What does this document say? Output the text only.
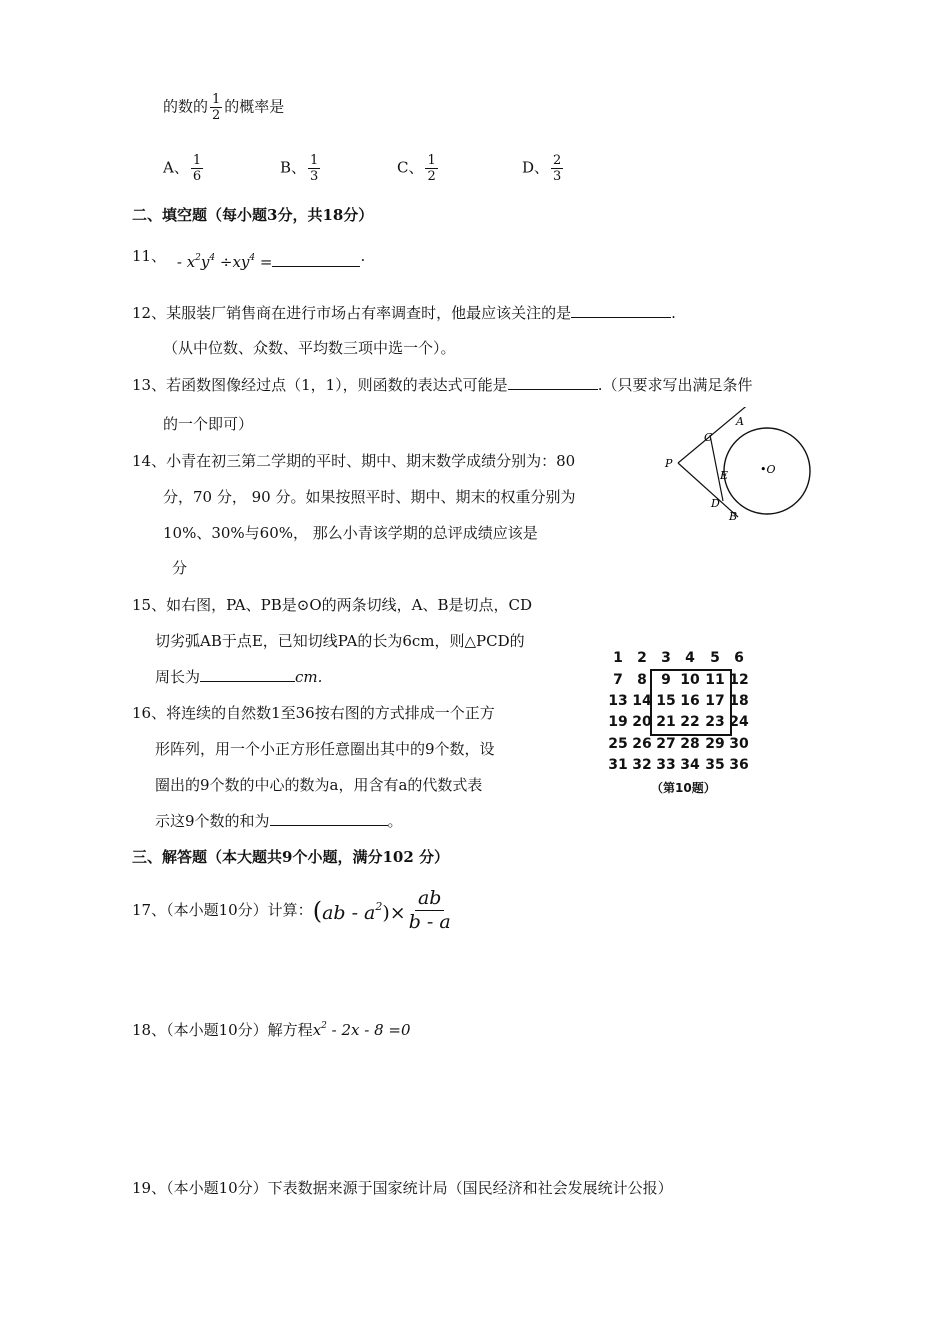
的数的 $\frac{1}{2}$ 的概率是
A、 $\frac{1}{6}$	B、 $\frac{1}{3}$	C、 $\frac{1}{2}$	D、 $\frac{2}{3}$
二、填空题（每小题3分，共18分）
11、 - $x^2y^4 \div xy^4$ =	.
12、某服装厂销售商在进行市场占有率调查时，他最应该关注的是	.
（从中位数、众数、平均数三项中选一个）。
13、若函数图像经过点（1，1），则函数的表达式可能是	.（只要求写出满足条件
的一个即可）	A
C
P
E	•O
D
B
14、小青在初三第二学期的平时、期中、期末数学成绩分别为：80
分，70 分， 90 分。如果按照平时、期中、期末的权重分别为
10%、30%与60%， 那么小青该学期的总评成绩应该是
分
15、如右图，PA、PB是⊙O的两条切线，A、B是切点，CD
切劣弧AB于点E，已知切线PA的长为6cm，则△PCD的
周长为	cm.
1	2	3	4	5	6
7	8	9 10 11 12
13 14 15 16 17 18
19 20 21 22 23 24
25 26 27 28 29 30
31 32 33 34 35 36
（第10题）
16、将连续的自然数1至36按右图的方式排成一个正方
形阵列，用一个小正方形任意圈出其中的9个数，设
圈出的9个数的中心的数为a，用含有a的代数式表
示这9个数的和为	。
三、解答题（本大题共9个小题，满分102 分）
17、（本小题10分）计算：$(ab - a^2)\times \frac{ab}{b - a}$
18、（本小题10分）解方程$x^2 - 2x - 8 =0$
19、（本小题10分）下表数据来源于国家统计局（国民经济和社会发展统计公报）
